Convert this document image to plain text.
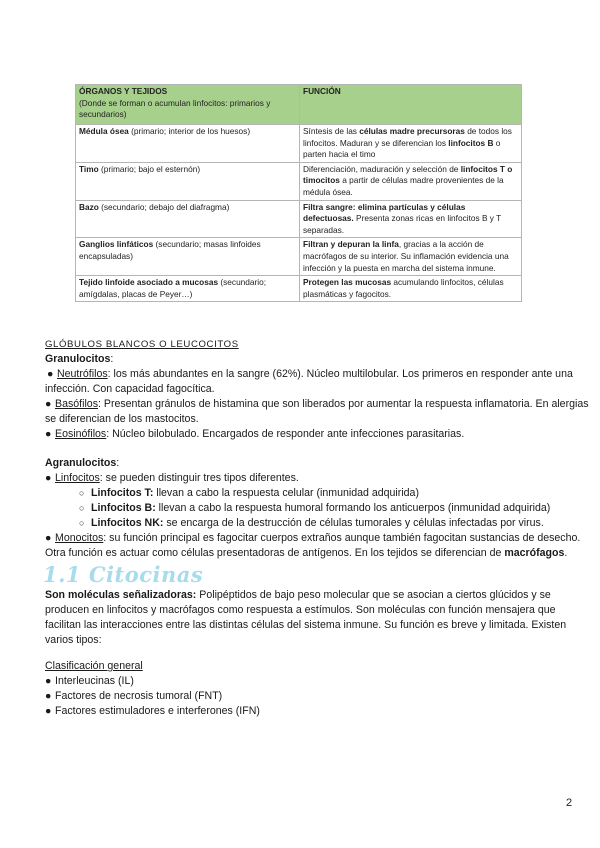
ÓRGANOS Y TEJIDOS
(Donde se forman o acumulan linfocitos: primarios y secundarios)	FUNCIÓN

Médula ósea (primario; interior de los huesos)	Síntesis de las células madre precursoras de todos los linfocitos. Maduran y se diferencian los linfocitos B o parten hacia el timo
Timo (primario; bajo el esternón)	Diferenciación, maduración y selección de linfocitos T o timocitos a partir de células madre provenientes de la médula ósea.
Bazo (secundario; debajo del diafragma)	Filtra sangre: elimina partículas y células defectuosas. Presenta zonas ricas en linfocitos B y T separadas.
Ganglios linfáticos (secundario; masas linfoides encapsuladas)	Filtran y depuran la linfa, gracias a la acción de macrófagos de su interior. Su inflamación evidencia una infección y la puesta en marcha del sistema inmune.
Tejido linfoide asociado a mucosas (secundario; amígdalas, placas de Peyer…)	Protegen las mucosas acumulando linfocitos, células plasmáticas y fagocitos.
GLÓBULOS BLANCOS O LEUCOCITOS
Granulocitos:
● Neutrófilos: los más abundantes en la sangre (62%). Núcleo multilobular. Los primeros en responder ante una
infección. Con capacidad fagocítica.
● Basófilos: Presentan gránulos de histamina que son liberados por aumentar la respuesta inflamatoria. En alergias
se diferencian de los mastocitos.
● Eosinófilos: Núcleo bilobulado. Encargados de responder ante infecciones parasitarias.
Agranulocitos:
● Linfocitos: se pueden distinguir tres tipos diferentes.
○ Linfocitos T: llevan a cabo la respuesta celular (inmunidad adquirida)
○ Linfocitos B: llevan a cabo la respuesta humoral formando los anticuerpos (inmunidad adquirida)
○ Linfocitos NK: se encarga de la destrucción de células tumorales y células infectadas por virus.
● Monocitos: su función principal es fagocitar cuerpos extraños aunque también fagocitan sustancias de desecho.
Otra función es actuar como células presentadoras de antígenos. En los tejidos se diferencian de macrófagos.
1.1 Citocinas
Son moléculas señalizadoras: Polipéptidos de bajo peso molecular que se asocian a ciertos glúcidos y se
producen en linfocitos y macrófagos como respuesta a estímulos. Son moléculas con función mensajera que
facilitan las interacciones entre las distintas células del sistema inmune. Su función es breve y limitada. Existen
varios tipos:
Clasificación general
● Interleucinas (IL)
● Factores de necrosis tumoral (FNT)
● Factores estimuladores e interferones (IFN)
2
